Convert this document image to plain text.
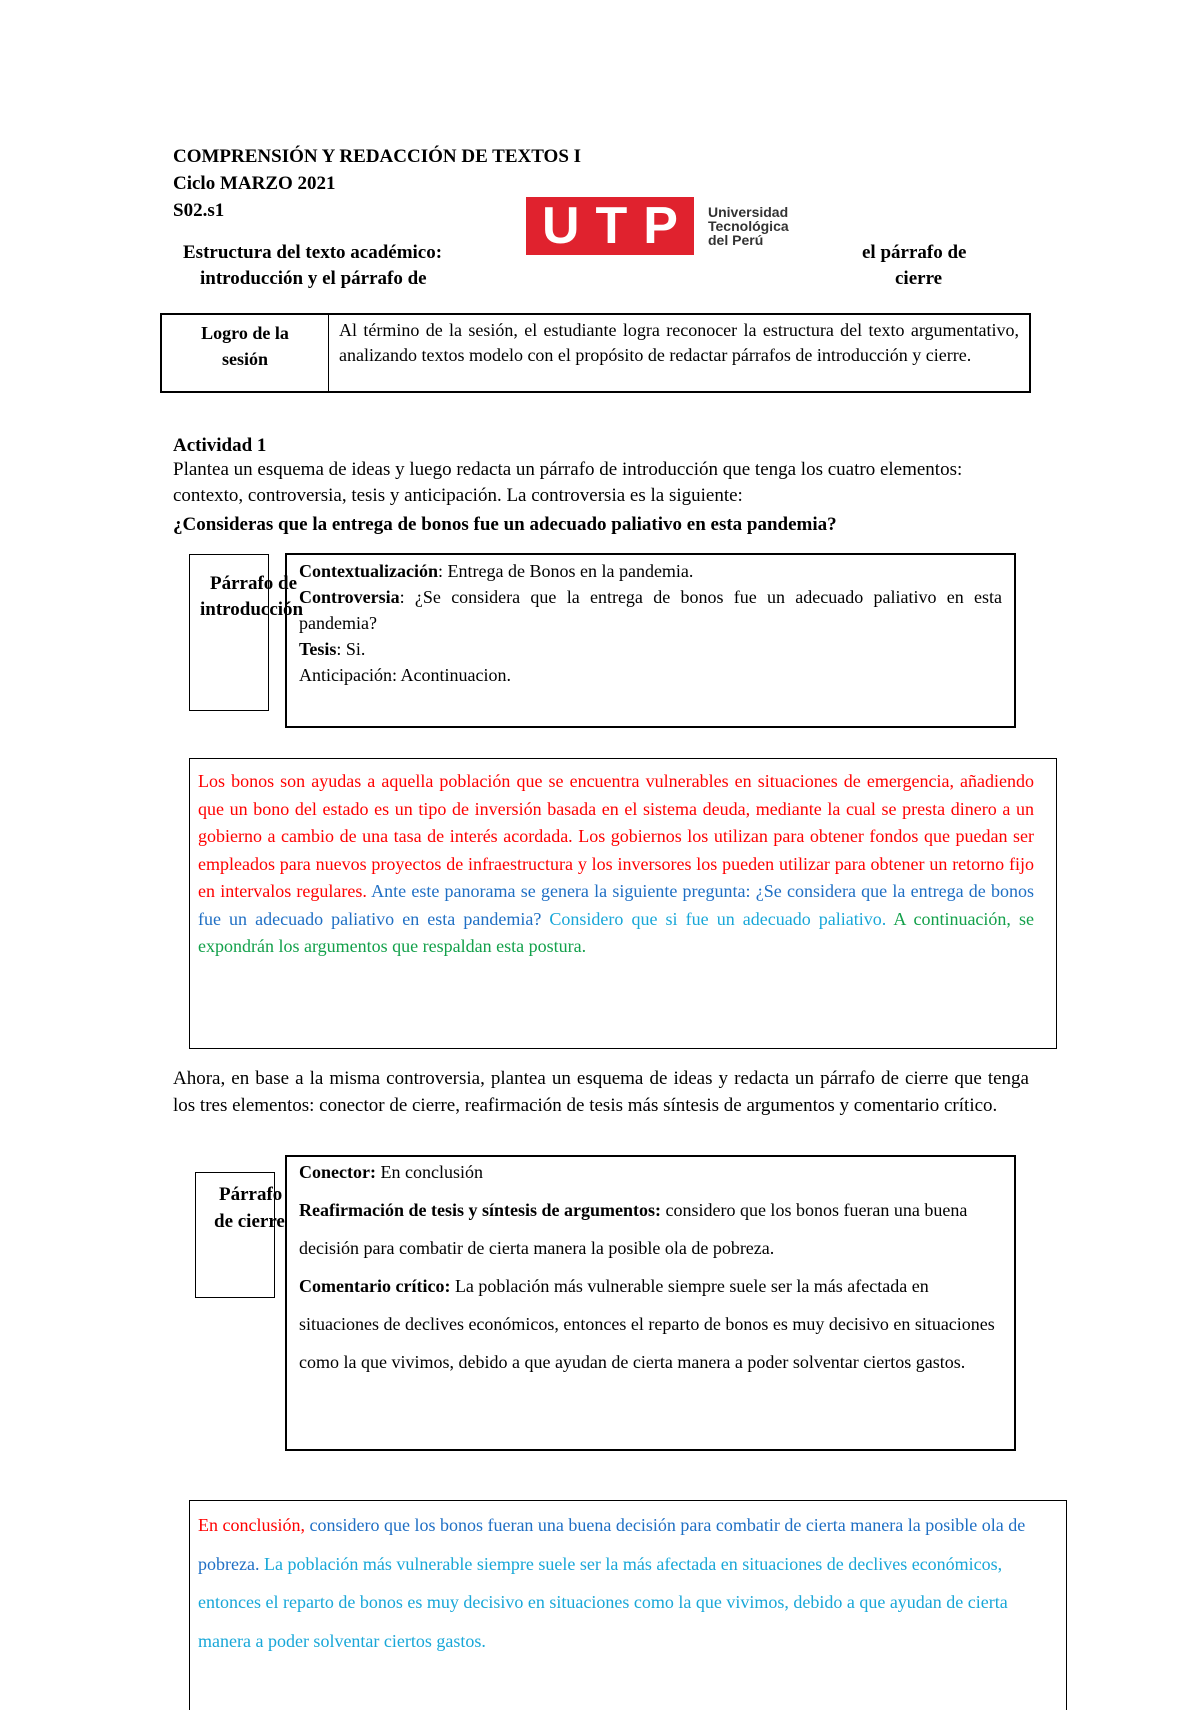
COMPRENSIÓN Y REDACCIÓN DE TEXTOS I
Ciclo MARZO 2021
S02.s1
Estructura del texto académico:
introducción y el párrafo de
el párrafo de
cierre
U T P Universidad
Tecnológica
del Perú
Logro de la
sesión
Al término de la sesión, el estudiante logra reconocer la estructura del texto argumentativo, analizando textos modelo con el propósito de redactar párrafos de introducción y cierre.
Actividad 1
Plantea un esquema de ideas y luego redacta un párrafo de introducción que tenga los cuatro elementos: contexto, controversia, tesis y anticipación. La controversia es la siguiente:
¿Consideras que la entrega de bonos fue un adecuado paliativo en esta pandemia?
Párrafo de
introducción
Contextualización: Entrega de Bonos en la pandemia.
Controversia: ¿Se considera que la entrega de bonos fue un adecuado paliativo en esta pandemia?
Tesis: Si.
Anticipación: Acontinuacion.
Los bonos son ayudas a aquella población que se encuentra vulnerables en situaciones de emergencia, añadiendo que un bono del estado es un tipo de inversión basada en el sistema deuda, mediante la cual se presta dinero a un gobierno a cambio de una tasa de interés acordada. Los gobiernos los utilizan para obtener fondos que puedan ser empleados para nuevos proyectos de infraestructura y los inversores los pueden utilizar para obtener un retorno fijo en intervalos regulares. Ante este panorama se genera la siguiente pregunta: ¿Se considera que la entrega de bonos fue un adecuado paliativo en esta pandemia? Considero que si fue un adecuado paliativo. A continuación, se expondrán los argumentos que respaldan esta postura.
Ahora, en base a la misma controversia, plantea un esquema de ideas y redacta un párrafo de cierre que tenga los tres elementos: conector de cierre, reafirmación de tesis más síntesis de argumentos y comentario crítico.
Párrafo
de cierre
Conector: En conclusión
Reafirmación de tesis y síntesis de argumentos: considero que los bonos fueran una buena decisión para combatir de cierta manera la posible ola de pobreza.
Comentario crítico: La población más vulnerable siempre suele ser la más afectada en situaciones de declives económicos, entonces el reparto de bonos es muy decisivo en situaciones como la que vivimos, debido a que ayudan de cierta manera a poder solventar ciertos gastos.
En conclusión, considero que los bonos fueran una buena decisión para combatir de cierta manera la posible ola de pobreza. La población más vulnerable siempre suele ser la más afectada en situaciones de declives económicos, entonces el reparto de bonos es muy decisivo en situaciones como la que vivimos, debido a que ayudan de cierta manera a poder solventar ciertos gastos.
